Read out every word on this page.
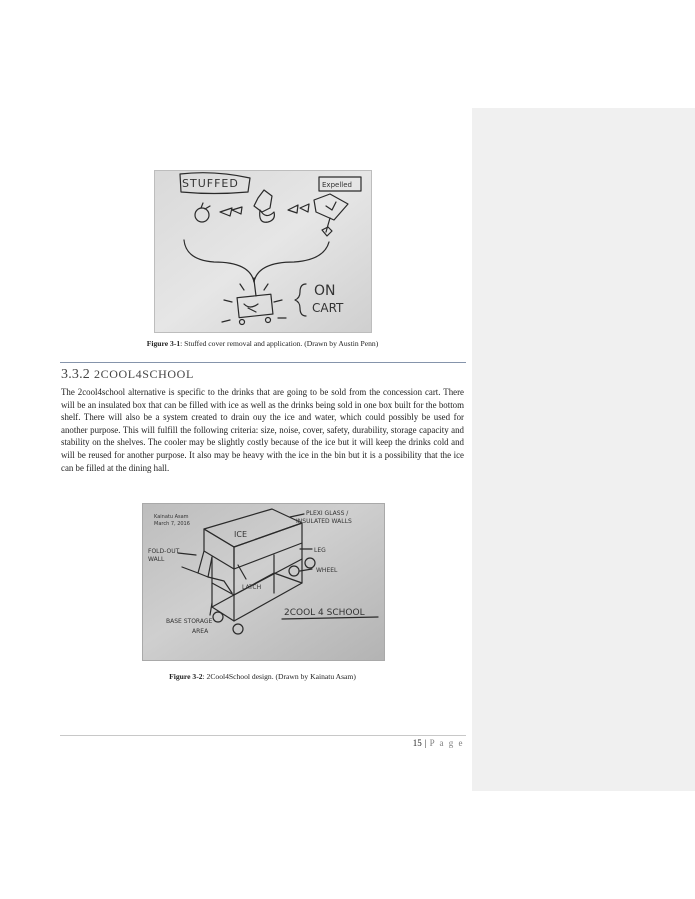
STUFFED	Expelled
ON
CART
Figure 3-1: Stuffed cover removal and application. (Drawn by Austin Penn)
3.3.2 2COOL4SCHOOL
The 2cool4school alternative is specific to the drinks that are going to be sold from the concession cart. There will be an insulated box that can be filled with ice as well as the drinks being sold in one box built for the bottom shelf. There will also be a system created to drain ouy the ice and water, which could possibly be used for another purpose. This will fulfill the following criteria: size, noise, cover, safety, durability, storage capacity and stability on the shelves. The cooler may be slightly costly because of the ice but it will keep the drinks cold and will be reused for another purpose. It also may be heavy with the ice in the bin but it is a possibility that the ice can be filled at the dining hall.
Kainatu Asam
March 7, 2016
ICE
PLEXI GLASS /
INSULATED WALLS
LEG
WHEEL
FOLD-OUT
WALL
LATCH
BASE STORAGE
AREA
2COOL 4 SCHOOL
Figure 3-2: 2Cool4School design. (Drawn by Kainatu Asam)
15 | P a g e
